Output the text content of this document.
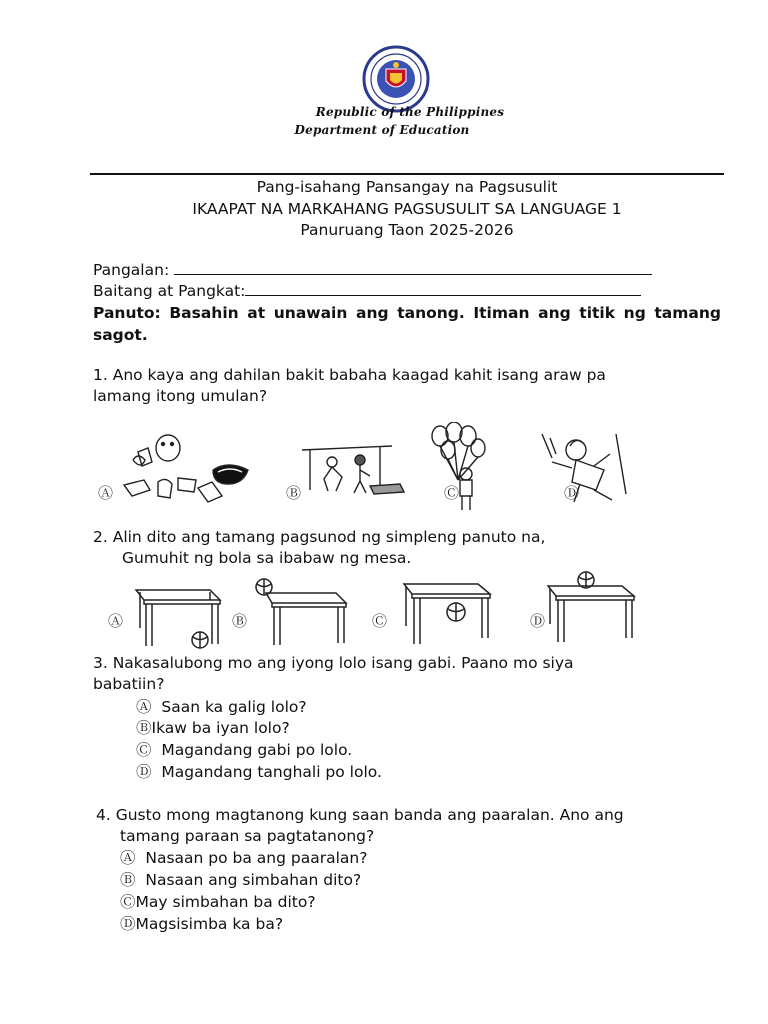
Republic of the Philippines
Department of Education
Pang-isahang Pansangay na Pagsusulit
IKAAPAT NA MARKAHANG PAGSUSULIT SA LANGUAGE 1
Panuruang Taon 2025-2026
Pangalan:
Baitang at Pangkat:
Panuto: Basahin at unawain ang tanong. Itiman ang titik ng tamang sagot.
1. Ano kaya ang dahilan bakit babaha kaagad kahit isang araw pa
lamang itong umulan?
Ⓐ	Ⓑ	Ⓒ	Ⓓ
2. Alin dito ang tamang pagsunod ng simpleng panuto na,
Gumuhit ng bola sa ibabaw ng mesa.
Ⓐ	Ⓑ	Ⓒ	Ⓓ
3. Nakasalubong mo ang iyong lolo isang gabi. Paano mo siya
babatiin?
Ⓐ Saan ka galig lolo?
ⒷIkaw ba iyan lolo?
Ⓒ Magandang gabi po lolo.
Ⓓ Magandang tanghali po lolo.
4. Gusto mong magtanong kung saan banda ang paaralan. Ano ang
tamang paraan sa pagtatanong?
Ⓐ Nasaan po ba ang paaralan?
Ⓑ Nasaan ang simbahan dito?
ⒸMay simbahan ba dito?
ⒹMagsisimba ka ba?
